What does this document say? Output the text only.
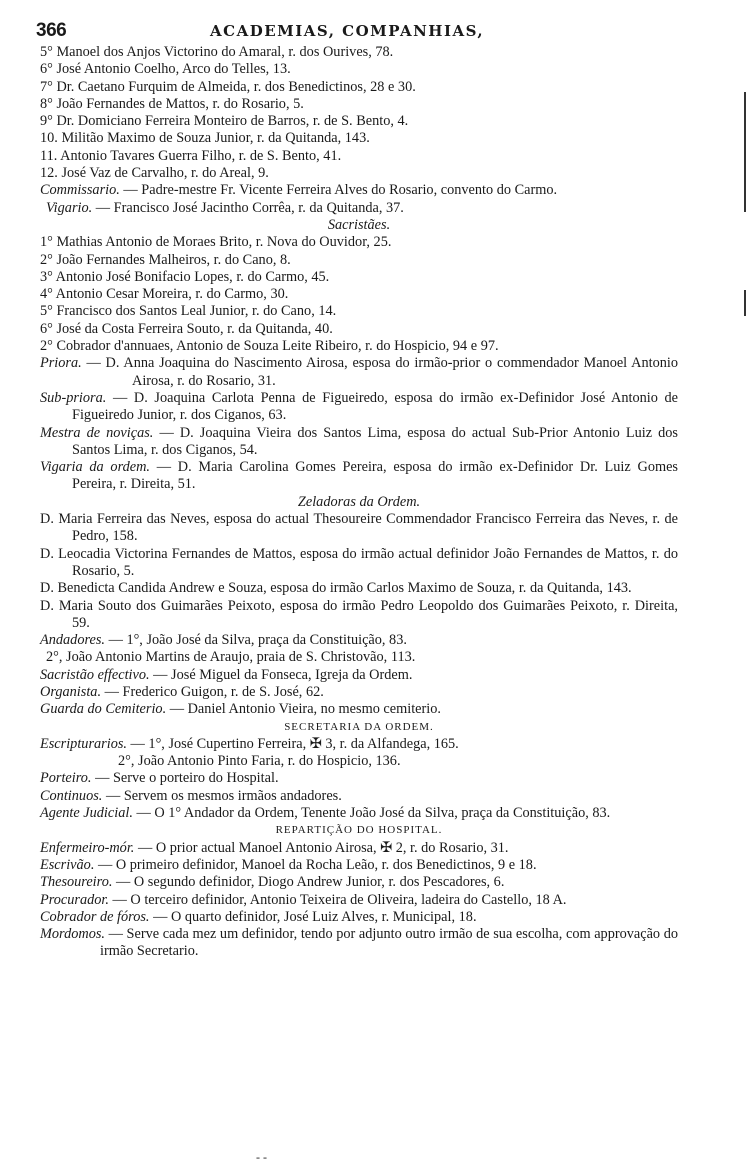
366	ACADEMIAS, COMPANHIAS,
5° Manoel dos Anjos Victorino do Amaral, r. dos Ourives, 78.
6° José Antonio Coelho, Arco do Telles, 13.
7° Dr. Caetano Furquim de Almeida, r. dos Benedictinos, 28 e 30.
8° João Fernandes de Mattos, r. do Rosario, 5.
9° Dr. Domiciano Ferreira Monteiro de Barros, r. de S. Bento, 4.
10. Militão Maximo de Souza Junior, r. da Quitanda, 143.
11. Antonio Tavares Guerra Filho, r. de S. Bento, 41.
12. José Vaz de Carvalho, r. do Areal, 9.
Commissario. — Padre-mestre Fr. Vicente Ferreira Alves do Rosario, convento do Carmo.
Vigario. — Francisco José Jacintho Corrêa, r. da Quitanda, 37.
Sacristães.
1° Mathias Antonio de Moraes Brito, r. Nova do Ouvidor, 25.
2° João Fernandes Malheiros, r. do Cano, 8.
3° Antonio José Bonifacio Lopes, r. do Carmo, 45.
4° Antonio Cesar Moreira, r. do Carmo, 30.
5° Francisco dos Santos Leal Junior, r. do Cano, 14.
6° José da Costa Ferreira Souto, r. da Quitanda, 40.
2° Cobrador d'annuaes, Antonio de Souza Leite Ribeiro, r. do Hospicio, 94 e 97.
Priora. — D. Anna Joaquina do Nascimento Airosa, esposa do irmão-prior o commendador Manoel Antonio Airosa, r. do Rosario, 31.
Sub-priora. — D. Joaquina Carlota Penna de Figueiredo, esposa do irmão ex-Definidor José Antonio de Figueiredo Junior, r. dos Ciganos, 63.
Mestra de noviças. — D. Joaquina Vieira dos Santos Lima, esposa do actual Sub-Prior Antonio Luiz dos Santos Lima, r. dos Ciganos, 54.
Vigaria da ordem. — D. Maria Carolina Gomes Pereira, esposa do irmão ex-Definidor Dr. Luiz Gomes Pereira, r. Direita, 51.
Zeladoras da Ordem.
D. Maria Ferreira das Neves, esposa do actual Thesoureire Commendador Francisco Ferreira das Neves, r. de Pedro, 158.
D. Leocadia Victorina Fernandes de Mattos, esposa do irmão actual definidor João Fernandes de Mattos, r. do Rosario, 5.
D. Benedicta Candida Andrew e Souza, esposa do irmão Carlos Maximo de Souza, r. da Quitanda, 143.
D. Maria Souto dos Guimarães Peixoto, esposa do irmão Pedro Leopoldo dos Guimarães Peixoto, r. Direita, 59.
Andadores. — 1°, João José da Silva, praça da Constituição, 83.
2°, João Antonio Martins de Araujo, praia de S. Christovão, 113.
Sacristão effectivo. — José Miguel da Fonseca, Igreja da Ordem.
Organista. — Frederico Guigon, r. de S. José, 62.
Guarda do Cemiterio. — Daniel Antonio Vieira, no mesmo cemiterio.
SECRETARIA DA ORDEM.
Escripturarios. — 1°, José Cupertino Ferreira, ✠ 3, r. da Alfandega, 165.
2°, João Antonio Pinto Faria, r. do Hospicio, 136.
Porteiro. — Serve o porteiro do Hospital.
Continuos. — Servem os mesmos irmãos andadores.
Agente Judicial. — O 1° Andador da Ordem, Tenente João José da Silva, praça da Constituição, 83.
REPARTIÇÃO DO HOSPITAL.
Enfermeiro-mór. — O prior actual Manoel Antonio Airosa, ✠ 2, r. do Rosario, 31.
Escrivão. — O primeiro definidor, Manoel da Rocha Leão, r. dos Benedictinos, 9 e 18.
Thesoureiro. — O segundo definidor, Diogo Andrew Junior, r. dos Pescadores, 6.
Procurador. — O terceiro definidor, Antonio Teixeira de Oliveira, ladeira do Castello, 18 A.
Cobrador de fóros. — O quarto definidor, José Luiz Alves, r. Municipal, 18.
Mordomos. — Serve cada mez um definidor, tendo por adjunto outro irmão de sua escolha, com approvação do irmão Secretario.
- -
